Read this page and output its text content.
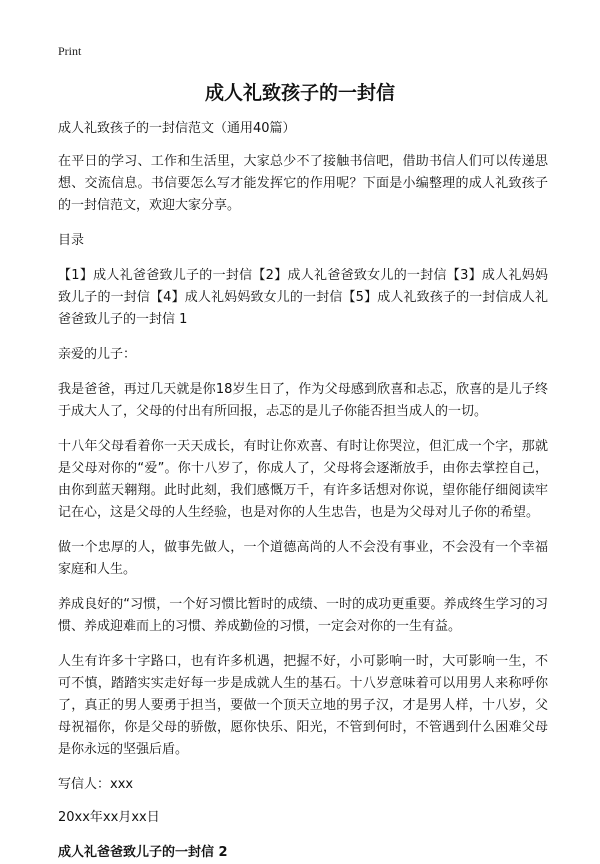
Print
成人礼致孩子的一封信

成人礼致孩子的一封信范文（通用40篇）

在平日的学习、工作和生活里，大家总少不了接触书信吧，借助书信人们可以传递思想、交流信息。书信要怎么写才能发挥它的作用呢？下面是小编整理的成人礼致孩子的一封信范文，欢迎大家分享。

目录

【1】成人礼爸爸致儿子的一封信【2】成人礼爸爸致女儿的一封信【3】成人礼妈妈致儿子的一封信【4】成人礼妈妈致女儿的一封信【5】成人礼致孩子的一封信成人礼爸爸致儿子的一封信 1

亲爱的儿子：

我是爸爸，再过几天就是你18岁生日了，作为父母感到欣喜和忐忑，欣喜的是儿子终于成大人了，父母的付出有所回报，忐忑的是儿子你能否担当成人的一切。

十八年父母看着你一天天成长，有时让你欢喜、有时让你哭泣，但汇成一个字，那就是父母对你的“爱”。你十八岁了，你成人了，父母将会逐渐放手，由你去掌控自己，由你到蓝天翱翔。此时此刻，我们感慨万千，有许多话想对你说，望你能仔细阅读牢记在心，这是父母的人生经验，也是对你的人生忠告，也是为父母对儿子你的希望。

做一个忠厚的人，做事先做人，一个道德高尚的人不会没有事业，不会没有一个幸福家庭和人生。

养成良好的“习惯，一个好习惯比暂时的成绩、一时的成功更重要。养成终生学习的习惯、养成迎难而上的习惯、养成勤俭的习惯，一定会对你的一生有益。

人生有许多十字路口，也有许多机遇，把握不好，小可影响一时，大可影响一生，不可不慎，踏踏实实走好每一步是成就人生的基石。十八岁意味着可以用男人来称呼你了，真正的男人要勇于担当，要做一个顶天立地的男子汉，才是男人样，十八岁，父母祝福你，你是父母的骄傲，愿你快乐、阳光，不管到何时，不管遇到什么困难父母是你永远的坚强后盾。

写信人：xxx

20xx年xx月xx日

成人礼爸爸致儿子的一封信 2
